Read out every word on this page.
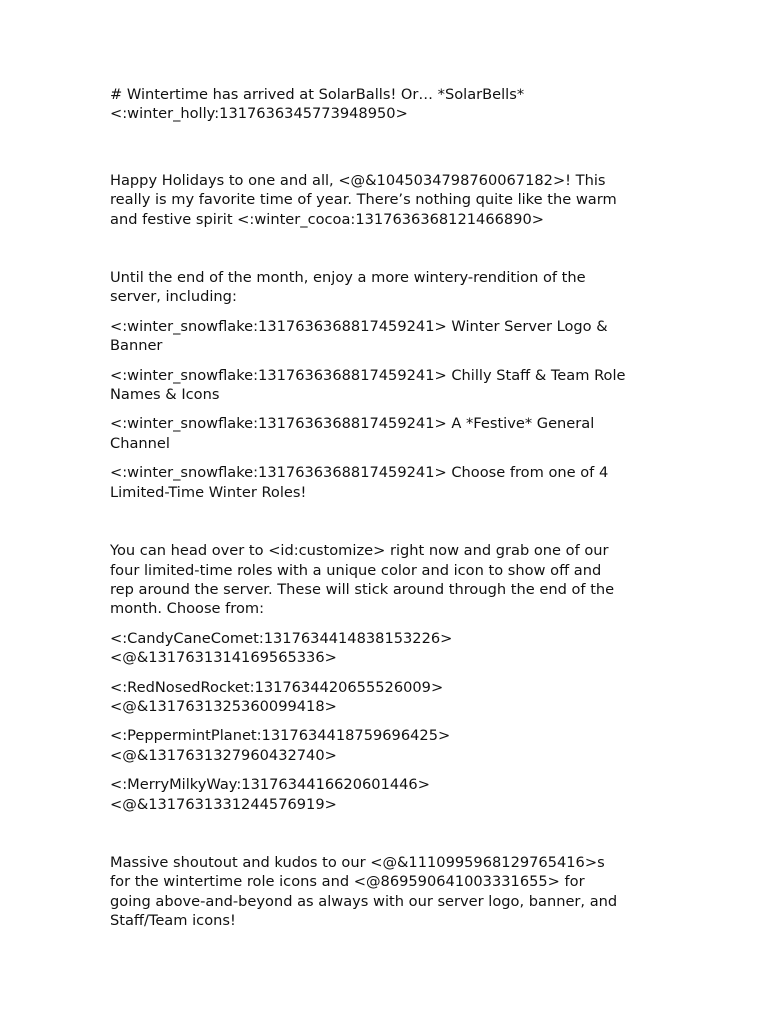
# Wintertime has arrived at SolarBalls! Or… *SolarBells*
<:winter_holly:1317636345773948950>

Happy Holidays to one and all, <@&1045034798760067182>! This
really is my favorite time of year. There’s nothing quite like the warm
and festive spirit <:winter_cocoa:1317636368121466890>

Until the end of the month, enjoy a more wintery-rendition of the
server, including:

<:winter_snowflake:1317636368817459241> Winter Server Logo &
Banner

<:winter_snowflake:1317636368817459241> Chilly Staff & Team Role
Names & Icons

<:winter_snowflake:1317636368817459241> A *Festive* General
Channel

<:winter_snowflake:1317636368817459241> Choose from one of 4
Limited-Time Winter Roles!

You can head over to <id:customize> right now and grab one of our
four limited-time roles with a unique color and icon to show off and
rep around the server. These will stick around through the end of the
month. Choose from:

<:CandyCaneComet:1317634414838153226>
<@&1317631314169565336>

<:RedNosedRocket:1317634420655526009>
<@&1317631325360099418>

<:PeppermintPlanet:1317634418759696425>
<@&1317631327960432740>

<:MerryMilkyWay:1317634416620601446>
<@&1317631331244576919>

Massive shoutout and kudos to our <@&1110995968129765416>s
for the wintertime role icons and <@869590641003331655> for
going above-and-beyond as always with our server logo, banner, and
Staff/Team icons!
